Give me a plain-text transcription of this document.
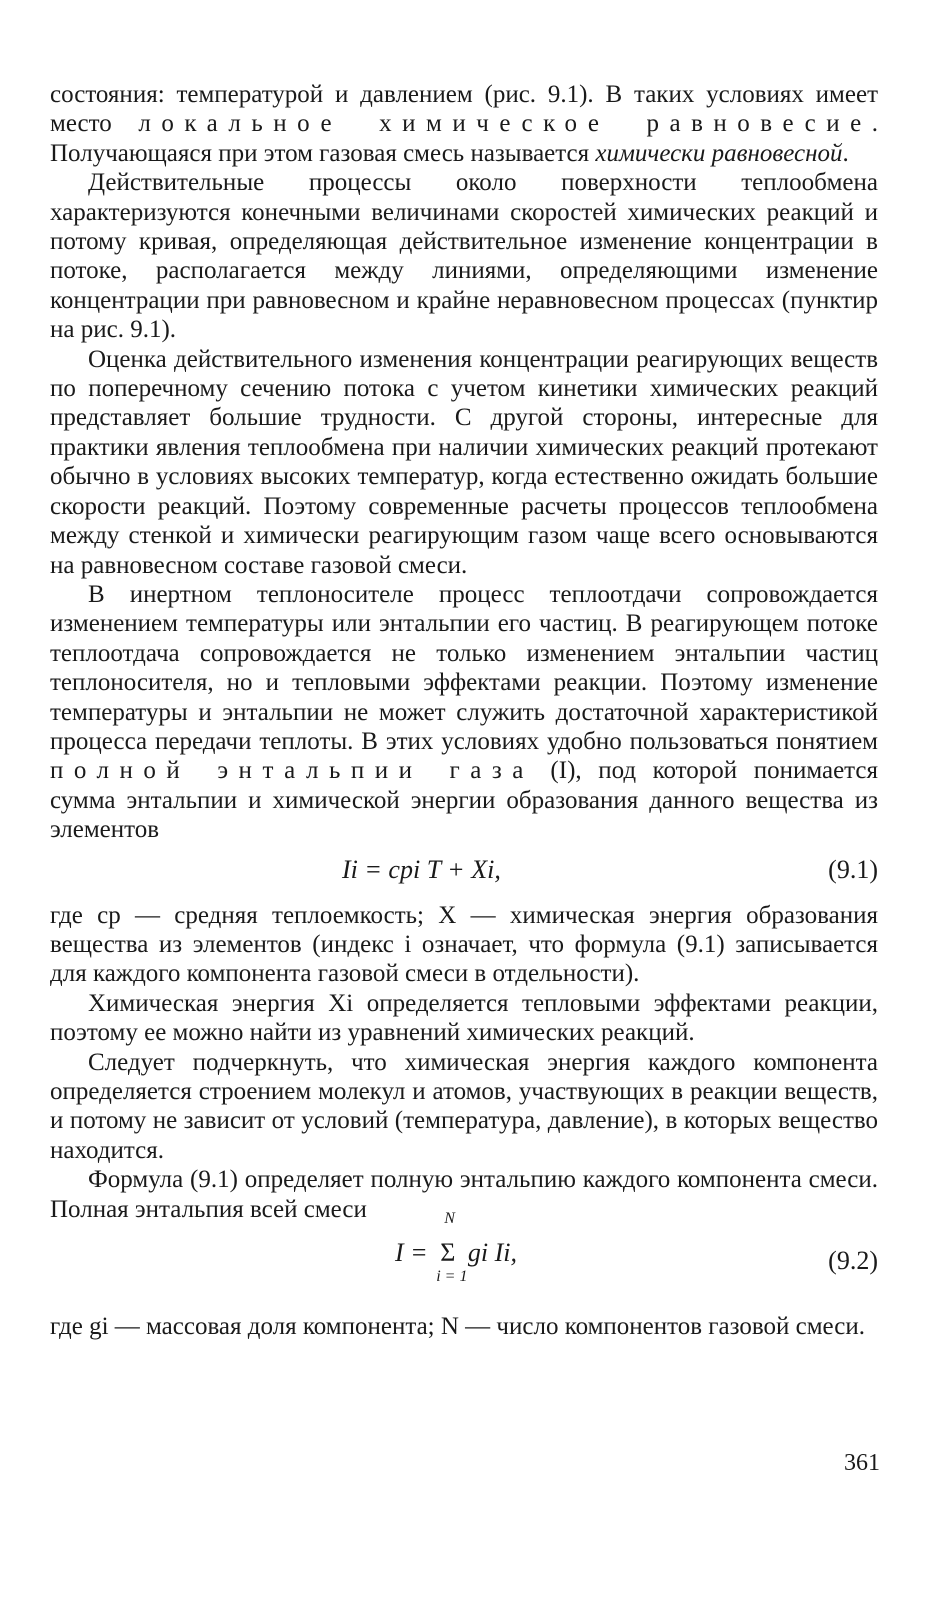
состояния: температурой и давлением (рис. 9.1). В таких условиях имеет место локальное химическое равновесие. Получающаяся при этом газовая смесь называется химически равновесной.

Действительные процессы около поверхности теплообмена характеризуются конечными величинами скоростей химических реакций и потому кривая, определяющая действительное изменение концентрации в потоке, располагается между линиями, определяющими изменение концентрации при равновесном и крайне неравновесном процессах (пунктир на рис. 9.1).

Оценка действительного изменения концентрации реагирующих веществ по поперечному сечению потока с учетом кинетики химических реакций представляет большие трудности. С другой стороны, интересные для практики явления теплообмена при наличии химических реакций протекают обычно в условиях высоких температур, когда естественно ожидать большие скорости реакций. Поэтому современные расчеты процессов теплообмена между стенкой и химически реагирующим газом чаще всего основываются на равновесном составе газовой смеси.

В инертном теплоносителе процесс теплоотдачи сопровождается изменением температуры или энтальпии его частиц. В реагирующем потоке теплоотдача сопровождается не только изменением энтальпии частиц теплоносителя, но и тепловыми эффектами реакции. Поэтому изменение температуры и энтальпии не может служить достаточной характеристикой процесса передачи теплоты. В этих условиях удобно пользоваться понятием полной энтальпии газа (I), под которой понимается сумма энтальпии и химической энергии образования данного вещества из элементов

Ii = cpi T + Xi,	(9.1)

где cp — средняя теплоемкость; X — химическая энергия образования вещества из элементов (индекс i означает, что формула (9.1) записывается для каждого компонента газовой смеси в отдельности).

Химическая энергия Xi определяется тепловыми эффектами реакции, поэтому ее можно найти из уравнений химических реакций.

Следует подчеркнуть, что химическая энергия каждого компонента определяется строением молекул и атомов, участвующих в реакции веществ, и потому не зависит от условий (температура, давление), в которых вещество находится.

Формула (9.1) определяет полную энтальпию каждого компонента смеси. Полная энтальпия всей смеси

I = Σ
N
i = 1
gi Ii,	(9.2)

где gi — массовая доля компонента; N — число компонентов газовой смеси.

361
